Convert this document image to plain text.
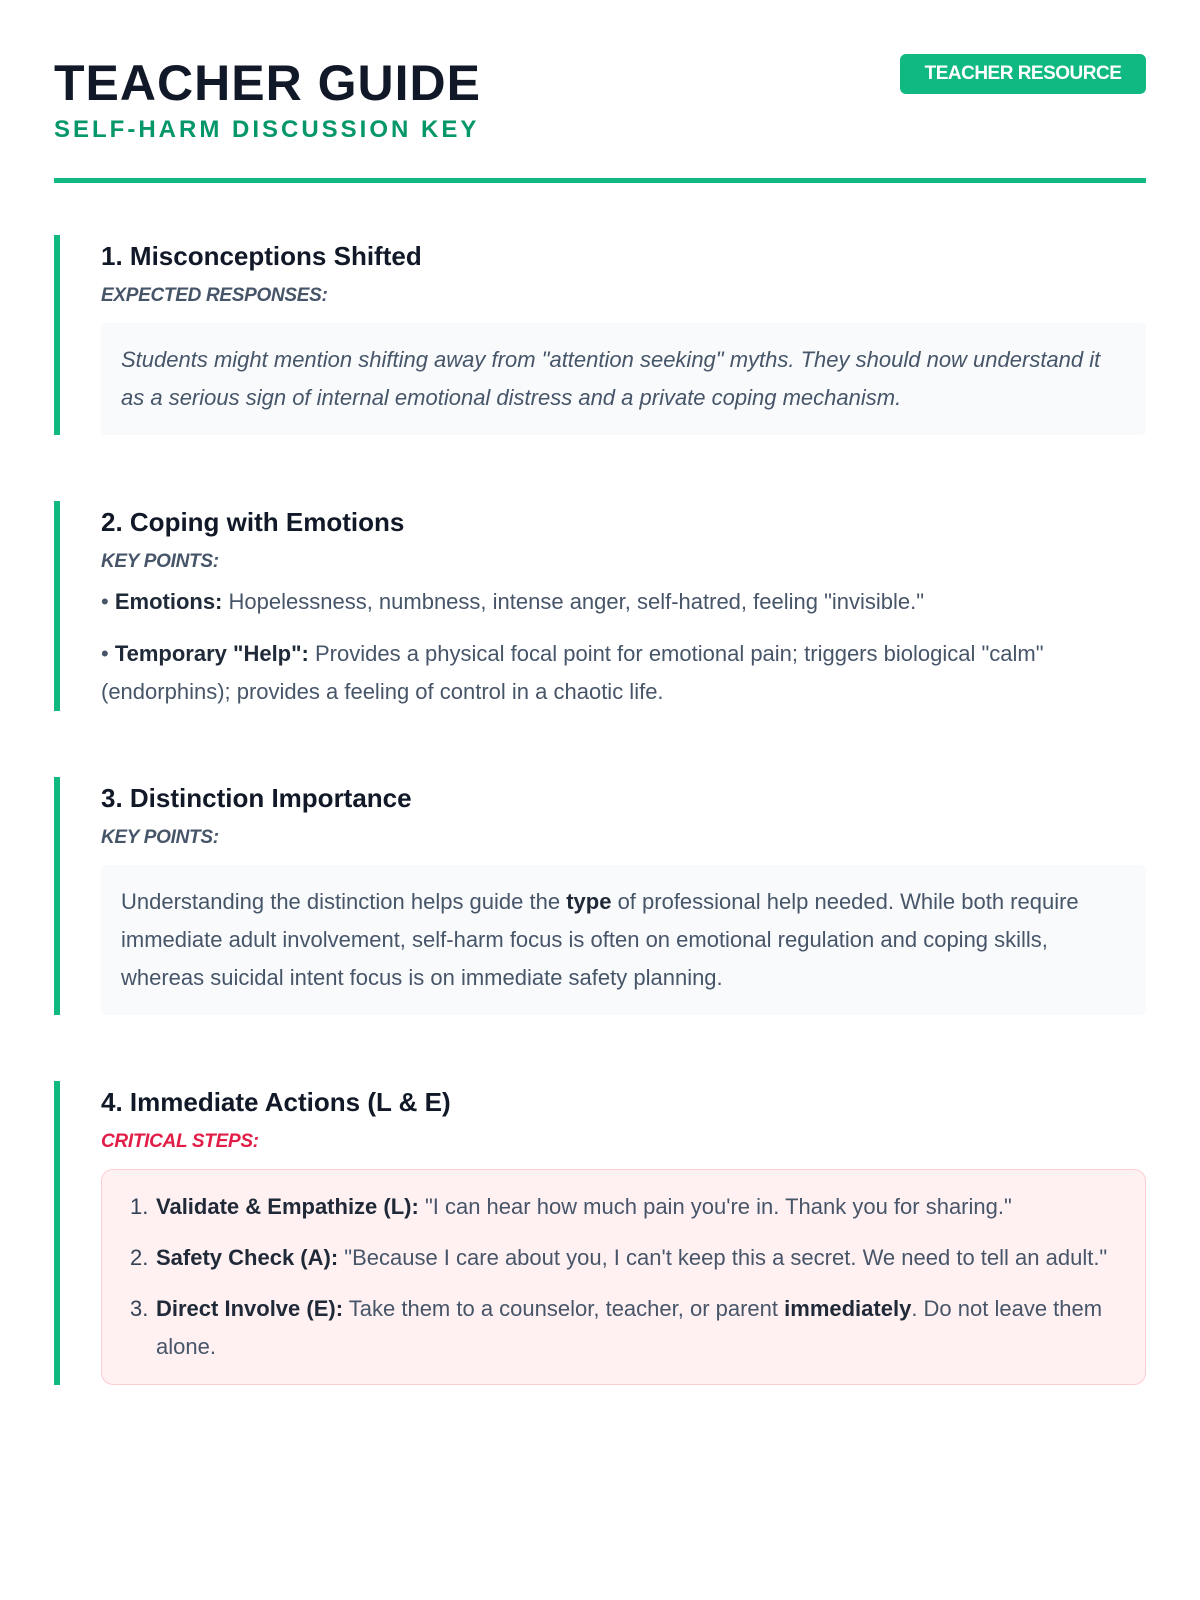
TEACHER GUIDE
SELF-HARM DISCUSSION KEY
TEACHER RESOURCE
1. Misconceptions Shifted
EXPECTED RESPONSES:
Students might mention shifting away from "attention seeking" myths. They should now understand it as a serious sign of internal emotional distress and a private coping mechanism.
2. Coping with Emotions
KEY POINTS:
• Emotions: Hopelessness, numbness, intense anger, self-hatred, feeling "invisible."
• Temporary "Help": Provides a physical focal point for emotional pain; triggers biological "calm" (endorphins); provides a feeling of control in a chaotic life.
3. Distinction Importance
KEY POINTS:
Understanding the distinction helps guide the type of professional help needed. While both require immediate adult involvement, self-harm focus is often on emotional regulation and coping skills, whereas suicidal intent focus is on immediate safety planning.
4. Immediate Actions (L & E)
CRITICAL STEPS:
1. Validate & Empathize (L): "I can hear how much pain you're in. Thank you for sharing."
2. Safety Check (A): "Because I care about you, I can't keep this a secret. We need to tell an adult."
3. Direct Involve (E): Take them to a counselor, teacher, or parent immediately. Do not leave them alone.
